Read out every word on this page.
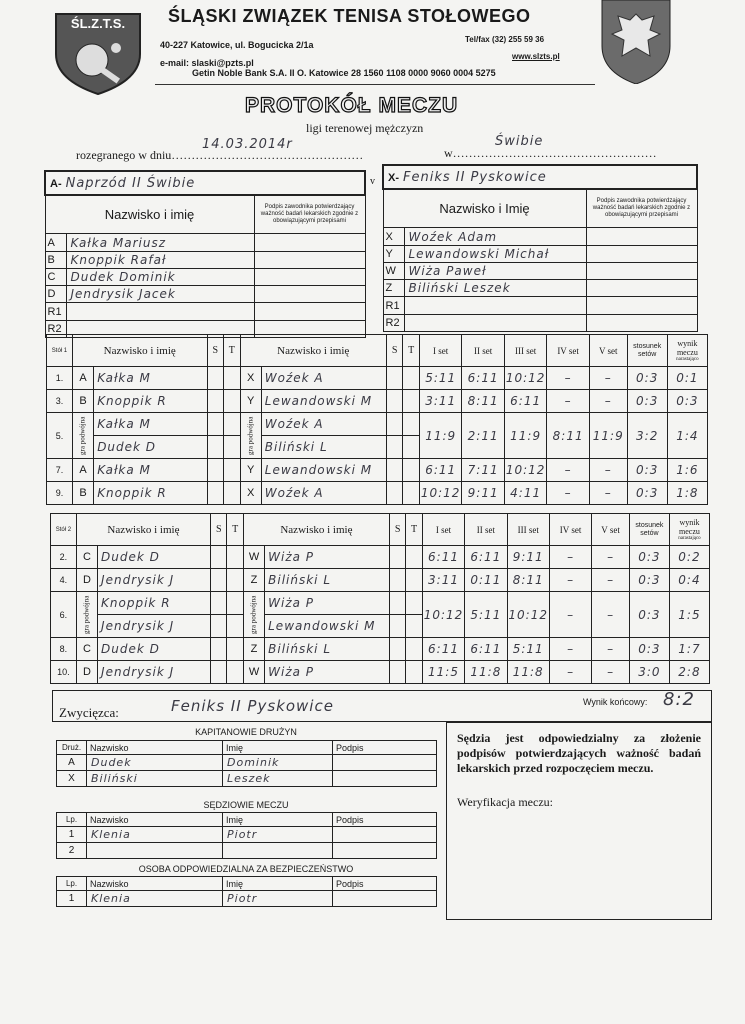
ŚL.Z.T.S.	ŚLĄSKI ZWIĄZEK TENISA STOŁOWEGO
40-227 Katowice, ul. Bogucicka 2/1a
Tel/fax (32) 255 59 36
e-mail: slaski@pzts.pl
www.slzts.pl
Getin Noble Bank S.A. II O. Katowice 28 1560 1108 0000 9060 0004 5275
PROTOKÓŁ MECZU
ligi terenowej mężczyzn
rozegranego w dniu…………………………………………
14.03.2014r
w……………………………………………
Świbie
A- Naprzód II Świbie		
Nazwisko i imię		Podpis zawodnika potwierdzający ważność badań lekarskich zgodnie z obowiązującymi przepisami
A	Kałka Mariusz	
B	Knoppik Rafał	
C	Dudek Dominik	
D	Jendrysik Jacek	
R1		
R2		
v X- Feniks II Pyskowice		
Nazwisko i Imię		Podpis zawodnika potwierdzający ważność badań lekarskich zgodnie z obowiązującymi przepisami
X	Woźek Adam	
Y	Lewandowski Michał	
W	Wiża Paweł	
Z	Biliński Leszek	
R1		
R2		
Stół 1	Nazwisko i imię		S	T	Nazwisko i imię		S	T	I set	II set	III set	IV set	V set	stosunek setów	wynik meczu
narastająco

1.	A	Kałka M			X	Woźek A			5:11	6:11	10:12	–	–	0:3	0:1
3.	B	Knoppik R			Y	Lewandowski M			3:11	8:11	6:11	–	–	0:3	0:3
5.	gra podwójna	Kałka M			gra podwójna	Woźek A			11:9	2:11	11:9	8:11	11:9	3:2	1:4
		Dudek D				Biliński L									
7.	A	Kałka M			Y	Lewandowski M			6:11	7:11	10:12	–	–	0:3	1:6
9.	B	Knoppik R			X	Woźek A			10:12	9:11	4:11	–	–	0:3	1:8
Stół 2	Nazwisko i imię		S	T	Nazwisko i imię		S	T	I set	II set	III set	IV set	V set	stosunek setów	wynik meczu
narastająco

2.	C	Dudek D			W	Wiża P			6:11	6:11	9:11	–	–	0:3	0:2
4.	D	Jendrysik J			Z	Biliński L			3:11	0:11	8:11	–	–	0:3	0:4
6.	gra podwójna	Knoppik R			gra podwójna	Wiża P			10:12	5:11	10:12	–	–	0:3	1:5
		Jendrysik J				Lewandowski M									
8.	C	Dudek D			Z	Biliński L			6:11	6:11	5:11	–	–	0:3	1:7
10.	D	Jendrysik J			W	Wiża P			11:5	11:8	11:8	–	–	3:0	2:8
Zwycięzca:	Feniks II Pyskowice	Wynik końcowy: 8:2
KAPITANOWIE DRUŻYN
Druż.	Nazwisko	Imię	Podpis
A	Dudek	Dominik	
X	Biliński	Leszek	
SĘDZIOWIE MECZU
Lp.	Nazwisko	Imię	Podpis
1	Klenia	Piotr	
2			
OSOBA ODPOWIEDZIALNA ZA BEZPIECZEŃSTWO
Lp.	Nazwisko	Imię	Podpis
1	Klenia	Piotr	
Sędzia jest odpowiedzialny za złożenie podpisów potwierdzających ważność badań lekarskich przed rozpoczęciem meczu.
Weryfikacja meczu:
